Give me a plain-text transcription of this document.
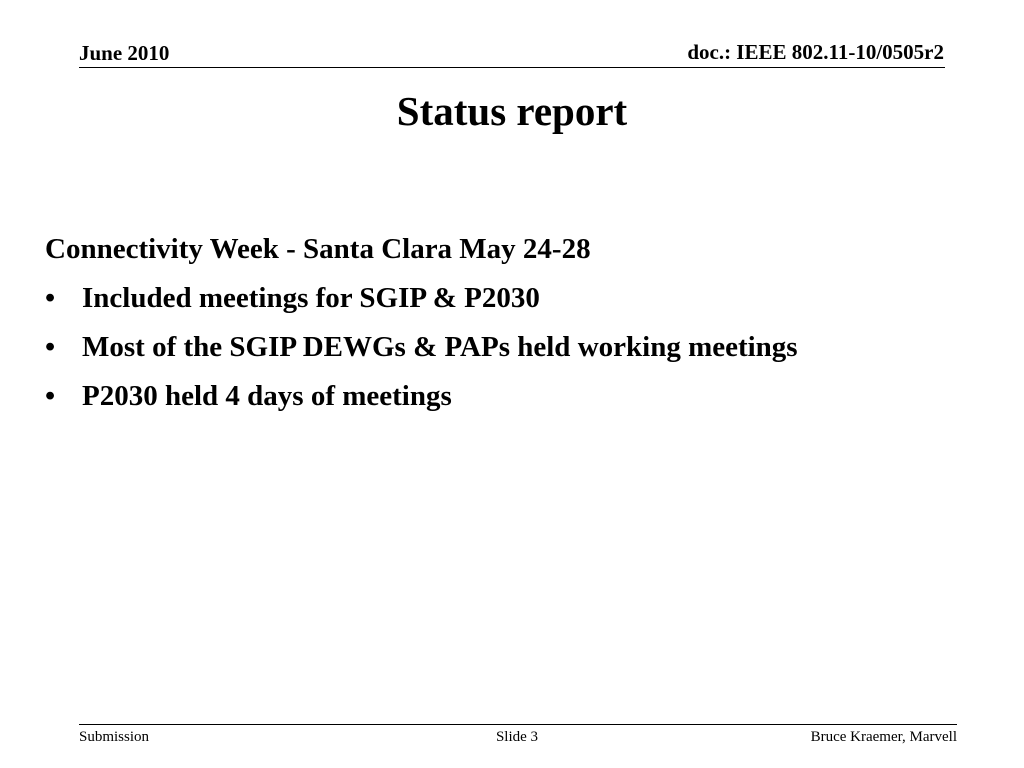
June 2010	doc.: IEEE 802.11-10/0505r2
Status report
Connectivity Week - Santa Clara May 24-28
• Included meetings for SGIP & P2030
• Most of the SGIP DEWGs & PAPs held working meetings
• P2030 held 4 days of meetings
Submission	Slide 3	Bruce Kraemer, Marvell
